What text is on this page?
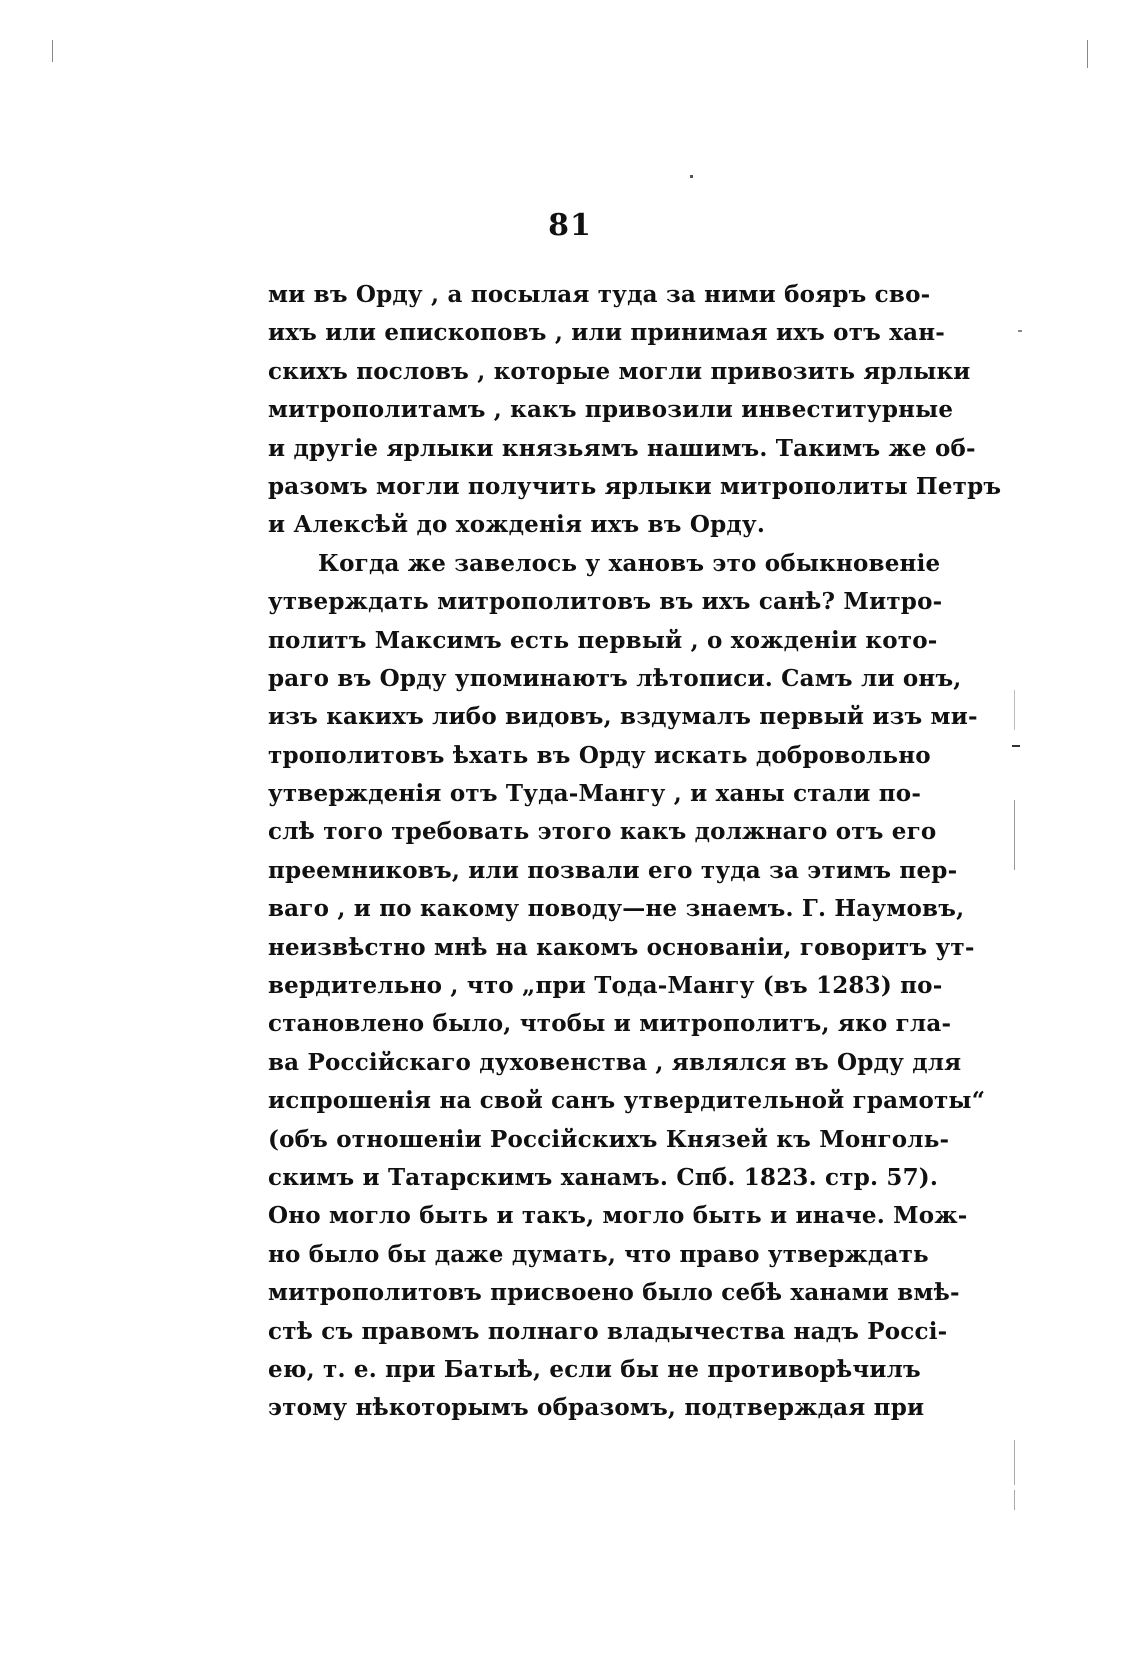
81
ми въ Орду , а посылая туда за ними бояръ сво-
ихъ или епископовъ , или принимая ихъ отъ хан-
скихъ пословъ , которые могли привозить ярлыки
митрополитамъ , какъ привозили инвеститурные
и другіе ярлыки князьямъ нашимъ. Такимъ же об-
разомъ могли получить ярлыки митрополиты Петръ
и Алексѣй до хожденія ихъ въ Орду.
Когда же завелось у хановъ это обыкновеніе
утверждать митрополитовъ въ ихъ санѣ? Митро-
политъ Максимъ есть первый , о хожденіи кото-
раго въ Орду упоминаютъ лѣтописи. Самъ ли онъ,
изъ какихъ либо видовъ, вздумалъ первый изъ ми-
трополитовъ ѣхать въ Орду искать добровольно
утвержденія отъ Туда-Мангу , и ханы стали по-
слѣ того требовать этого какъ должнаго отъ его
преемниковъ, или позвали его туда за этимъ пер-
ваго , и по какому поводу—не знаемъ. Г. Наумовъ,
неизвѣстно мнѣ на какомъ основаніи, говоритъ ут-
вердительно , что „при Тода-Мангу (въ 1283) по-
становлено было, чтобы и митрополитъ, яко гла-
ва Россійскаго духовенства , являлся въ Орду для
испрошенія на свой санъ утвердительной грамоты“
(объ отношеніи Россійскихъ Князей къ Монголь-
скимъ и Татарскимъ ханамъ. Спб. 1823. стр. 57).
Оно могло быть и такъ, могло быть и иначе. Мож-
но было бы даже думать, что право утверждать
митрополитовъ присвоено было себѣ ханами вмѣ-
стѣ съ правомъ полнаго владычества надъ Россі-
ею, т. е. при Батыѣ, если бы не противорѣчилъ
этому нѣкоторымъ образомъ, подтверждая при
